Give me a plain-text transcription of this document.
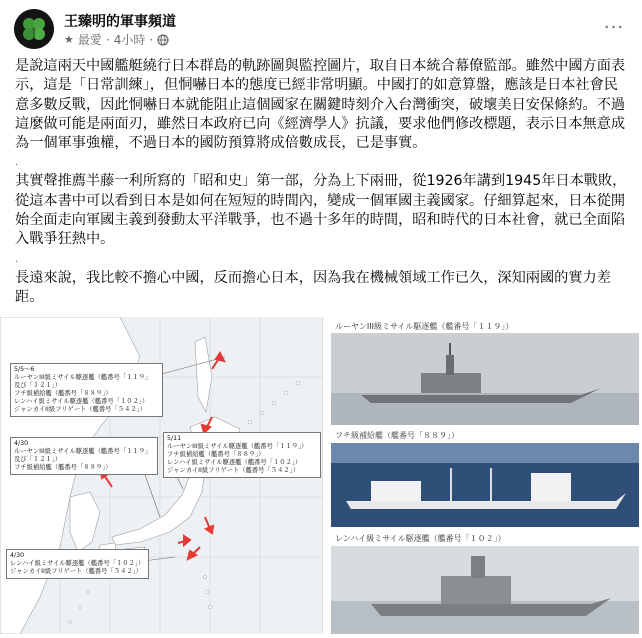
王臻明的軍事頻道
★ 最愛 · 4小時 ·
···

是說這兩天中國艦艇繞行日本群島的軌跡圖與監控圖片，取自日本統合幕僚監部。雖然中國方面表示，這是「日常訓練」，但恫嚇日本的態度已經非常明顯。中國打的如意算盤，應該是日本社會民意多數反戰，因此恫嚇日本就能阻止這個國家在關鍵時刻介入台灣衝突，破壞美日安保條約。不過這麼做可能是兩面刃，雖然日本政府已向《經濟學人》抗議，要求他們修改標題，表示日本無意成為一個軍事強權，不過日本的國防預算將成倍數成長，已是事實。

.

其實聲推薦半藤一利所寫的「昭和史」第一部，分為上下兩冊，從1926年講到1945年日本戰敗，從這本書中可以看到日本是如何在短短的時間內，變成一個軍國主義國家。仔細算起來，日本從開始全面走向軍國主義到發動太平洋戰爭，也不過十多年的時間，昭和時代的日本社會，就已全面陷入戰爭狂熱中。

.

長遠來說，我比較不擔心中國，反而擔心日本，因為我在機械領域工作已久，深知兩國的實力差距。

5/5～6
ルーヤンIII級ミサイル駆逐艦（艦番号「１１９」
及び「１２１」）
フチ級補給艦（艦番号「８８９」）
レンハイ級ミサイル駆逐艦（艦番号「１０２」）
ジャンカイII級フリゲート（艦番号「５４２」）
4/30
ルーヤンIII級ミサイル駆逐艦（艦番号「１１９」
及び「１２１」）
フチ級補給艦（艦番号「８８９」）
5/11
ルーヤンIII級ミサイル駆逐艦（艦番号「１１９」）
フチ級補給艦（艦番号「８８９」）
レンハイ級ミサイル駆逐艦（艦番号「１０２」）
ジャンカイII級フリゲート（艦番号「５４２」）
4/30
レンハイ級ミサイル駆逐艦（艦番号「１０２」）
ジャンカイII級フリゲート（艦番号「５４２」）
ルーヤンIII級ミサイル駆逐艦（艦番号「１１９」）
フチ級補給艦（艦番号「８８９」）
レンハイ級ミサイル駆逐艦（艦番号「１０２」）
